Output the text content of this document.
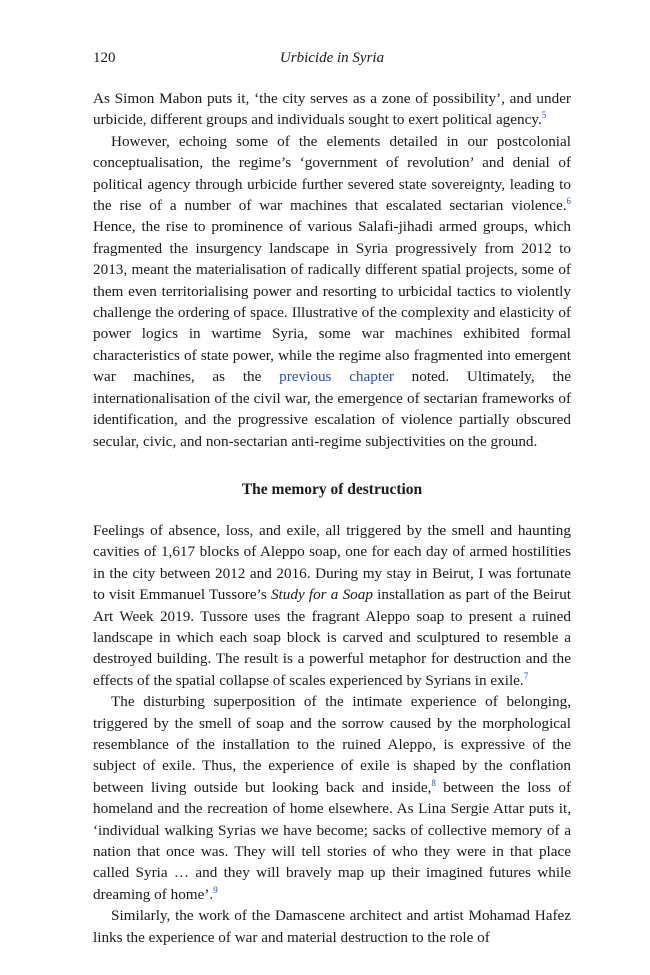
120	Urbicide in Syria

As Simon Mabon puts it, ‘the city serves as a zone of possibility’, and under urbicide, different groups and individuals sought to exert political agency.$^5$

However, echoing some of the elements detailed in our postcolonial conceptualisation, the regime’s ‘government of revolution’ and denial of political agency through urbicide further severed state sovereignty, leading to the rise of a number of war machines that escalated sectarian violence.$^6$ Hence, the rise to prominence of various Salafi-jihadi armed groups, which fragmented the insurgency landscape in Syria progressively from 2012 to 2013, meant the materialisation of radically different spatial projects, some of them even territorialising power and resorting to urbicidal tactics to violently challenge the ordering of space. Illustrative of the complexity and elasticity of power logics in wartime Syria, some war machines exhibited formal characteristics of state power, while the regime also fragmented into emergent war machines, as the previous chapter noted. Ultimately, the internationalisation of the civil war, the emergence of sectarian frameworks of identification, and the progressive escalation of violence partially obscured secular, civic, and non-sectarian anti-regime subjectivities on the ground.

The memory of destruction

Feelings of absence, loss, and exile, all triggered by the smell and haunting cavities of 1,617 blocks of Aleppo soap, one for each day of armed hostilities in the city between 2012 and 2016. During my stay in Beirut, I was fortunate to visit Emmanuel Tussore’s Study for a Soap installation as part of the Beirut Art Week 2019. Tussore uses the fragrant Aleppo soap to present a ruined landscape in which each soap block is carved and sculptured to resemble a destroyed building. The result is a powerful metaphor for destruction and the effects of the spatial collapse of scales experienced by Syrians in exile.$^7$

The disturbing superposition of the intimate experience of belonging, triggered by the smell of soap and the sorrow caused by the morphological resemblance of the installation to the ruined Aleppo, is expressive of the subject of exile. Thus, the experience of exile is shaped by the conflation between living outside but looking back and inside,$^8$ between the loss of homeland and the recreation of home elsewhere. As Lina Sergie Attar puts it, ‘individual walking Syrias we have become; sacks of collective memory of a nation that once was. They will tell stories of who they were in that place called Syria … and they will bravely map up their imagined futures while dreaming of home’.$^9$

Similarly, the work of the Damascene architect and artist Mohamad Hafez links the experience of war and material destruction to the role of
